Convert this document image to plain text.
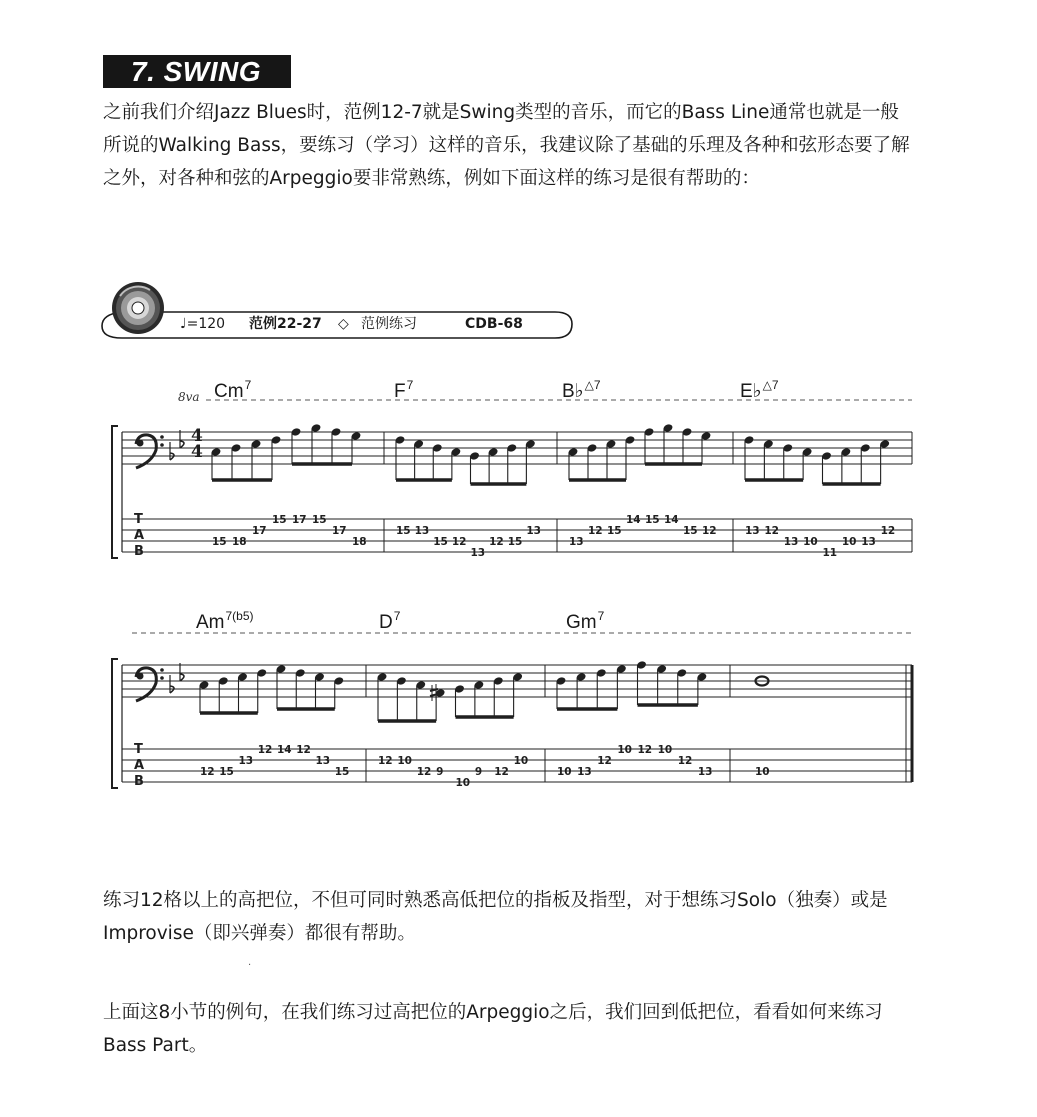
7. SWING
之前我们介绍Jazz Blues时，范例12-7就是Swing类型的音乐，而它的Bass Line通常也就是一般所说的Walking Bass，要练习（学习）这样的音乐，我建议除了基础的乐理及各种和弦形态要了解之外，对各种和弦的Arpeggio要非常熟练，例如下面这样的练习是很有帮助的：
♩=120 范例22-27 ◇ 范例练习	CDB-68
Cm$^7$	$F^7$	B♭$^{\triangle 7}$	E♭$^{\triangle 7}$
8va
$Am^{7(b5)}$	$D^7$	Gm$^7$
T
A
B
4
4
15 18
17
15 17 15
17
18
15 13
15 12
13
12 15
13
13
12 15
14 15 14
15 12	13 12
13 10
11
10 13
12
T
A
B
12 15
13
12 14 12
13
15
12 10
12 9
10
9 12
10
10 13
12
10 12 10
12
13	10
练习12格以上的高把位，不但可同时熟悉高低把位的指板及指型，对于想练习Solo（独奏）或是Improvise（即兴弹奏）都很有帮助。
·
上面这8小节的例句，在我们练习过高把位的Arpeggio之后，我们回到低把位，看看如何来练习Bass Part。
